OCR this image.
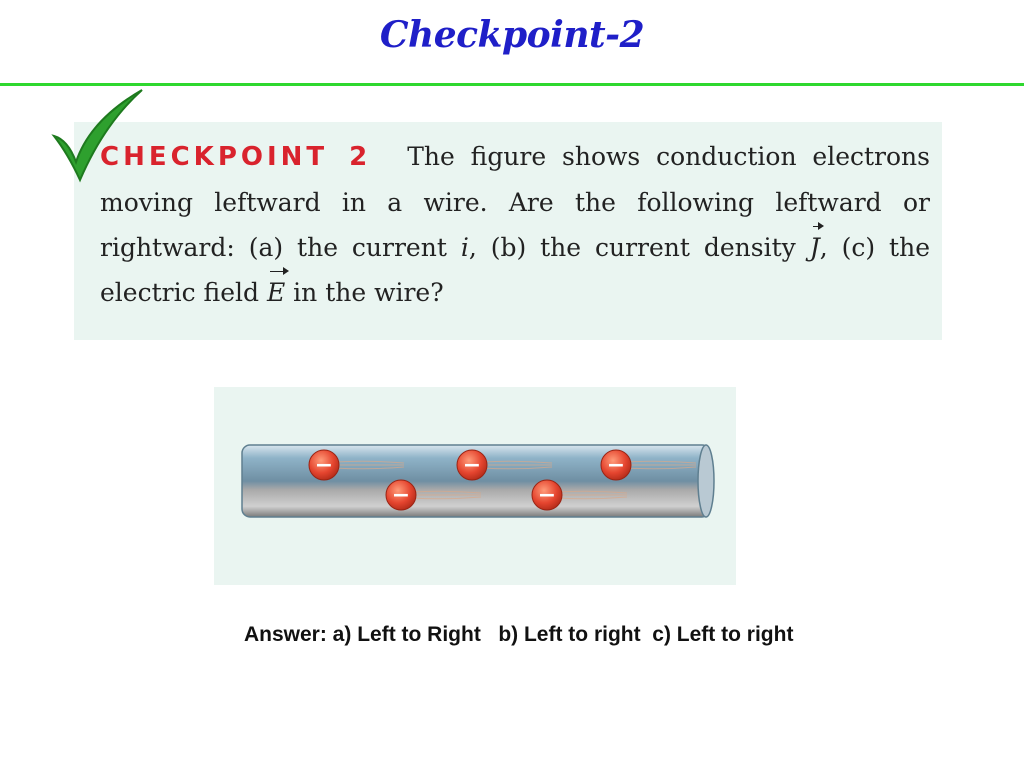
Checkpoint-2
CHECKPOINT 2 The figure shows conduction electrons moving leftward in a wire. Are the following leftward or rightward: (a) the current i, (b) the current density J, (c) the electric field E in the wire?
−	−	−
−	−
Answer: a) Left to Right   b) Left to right  c) Left to right
